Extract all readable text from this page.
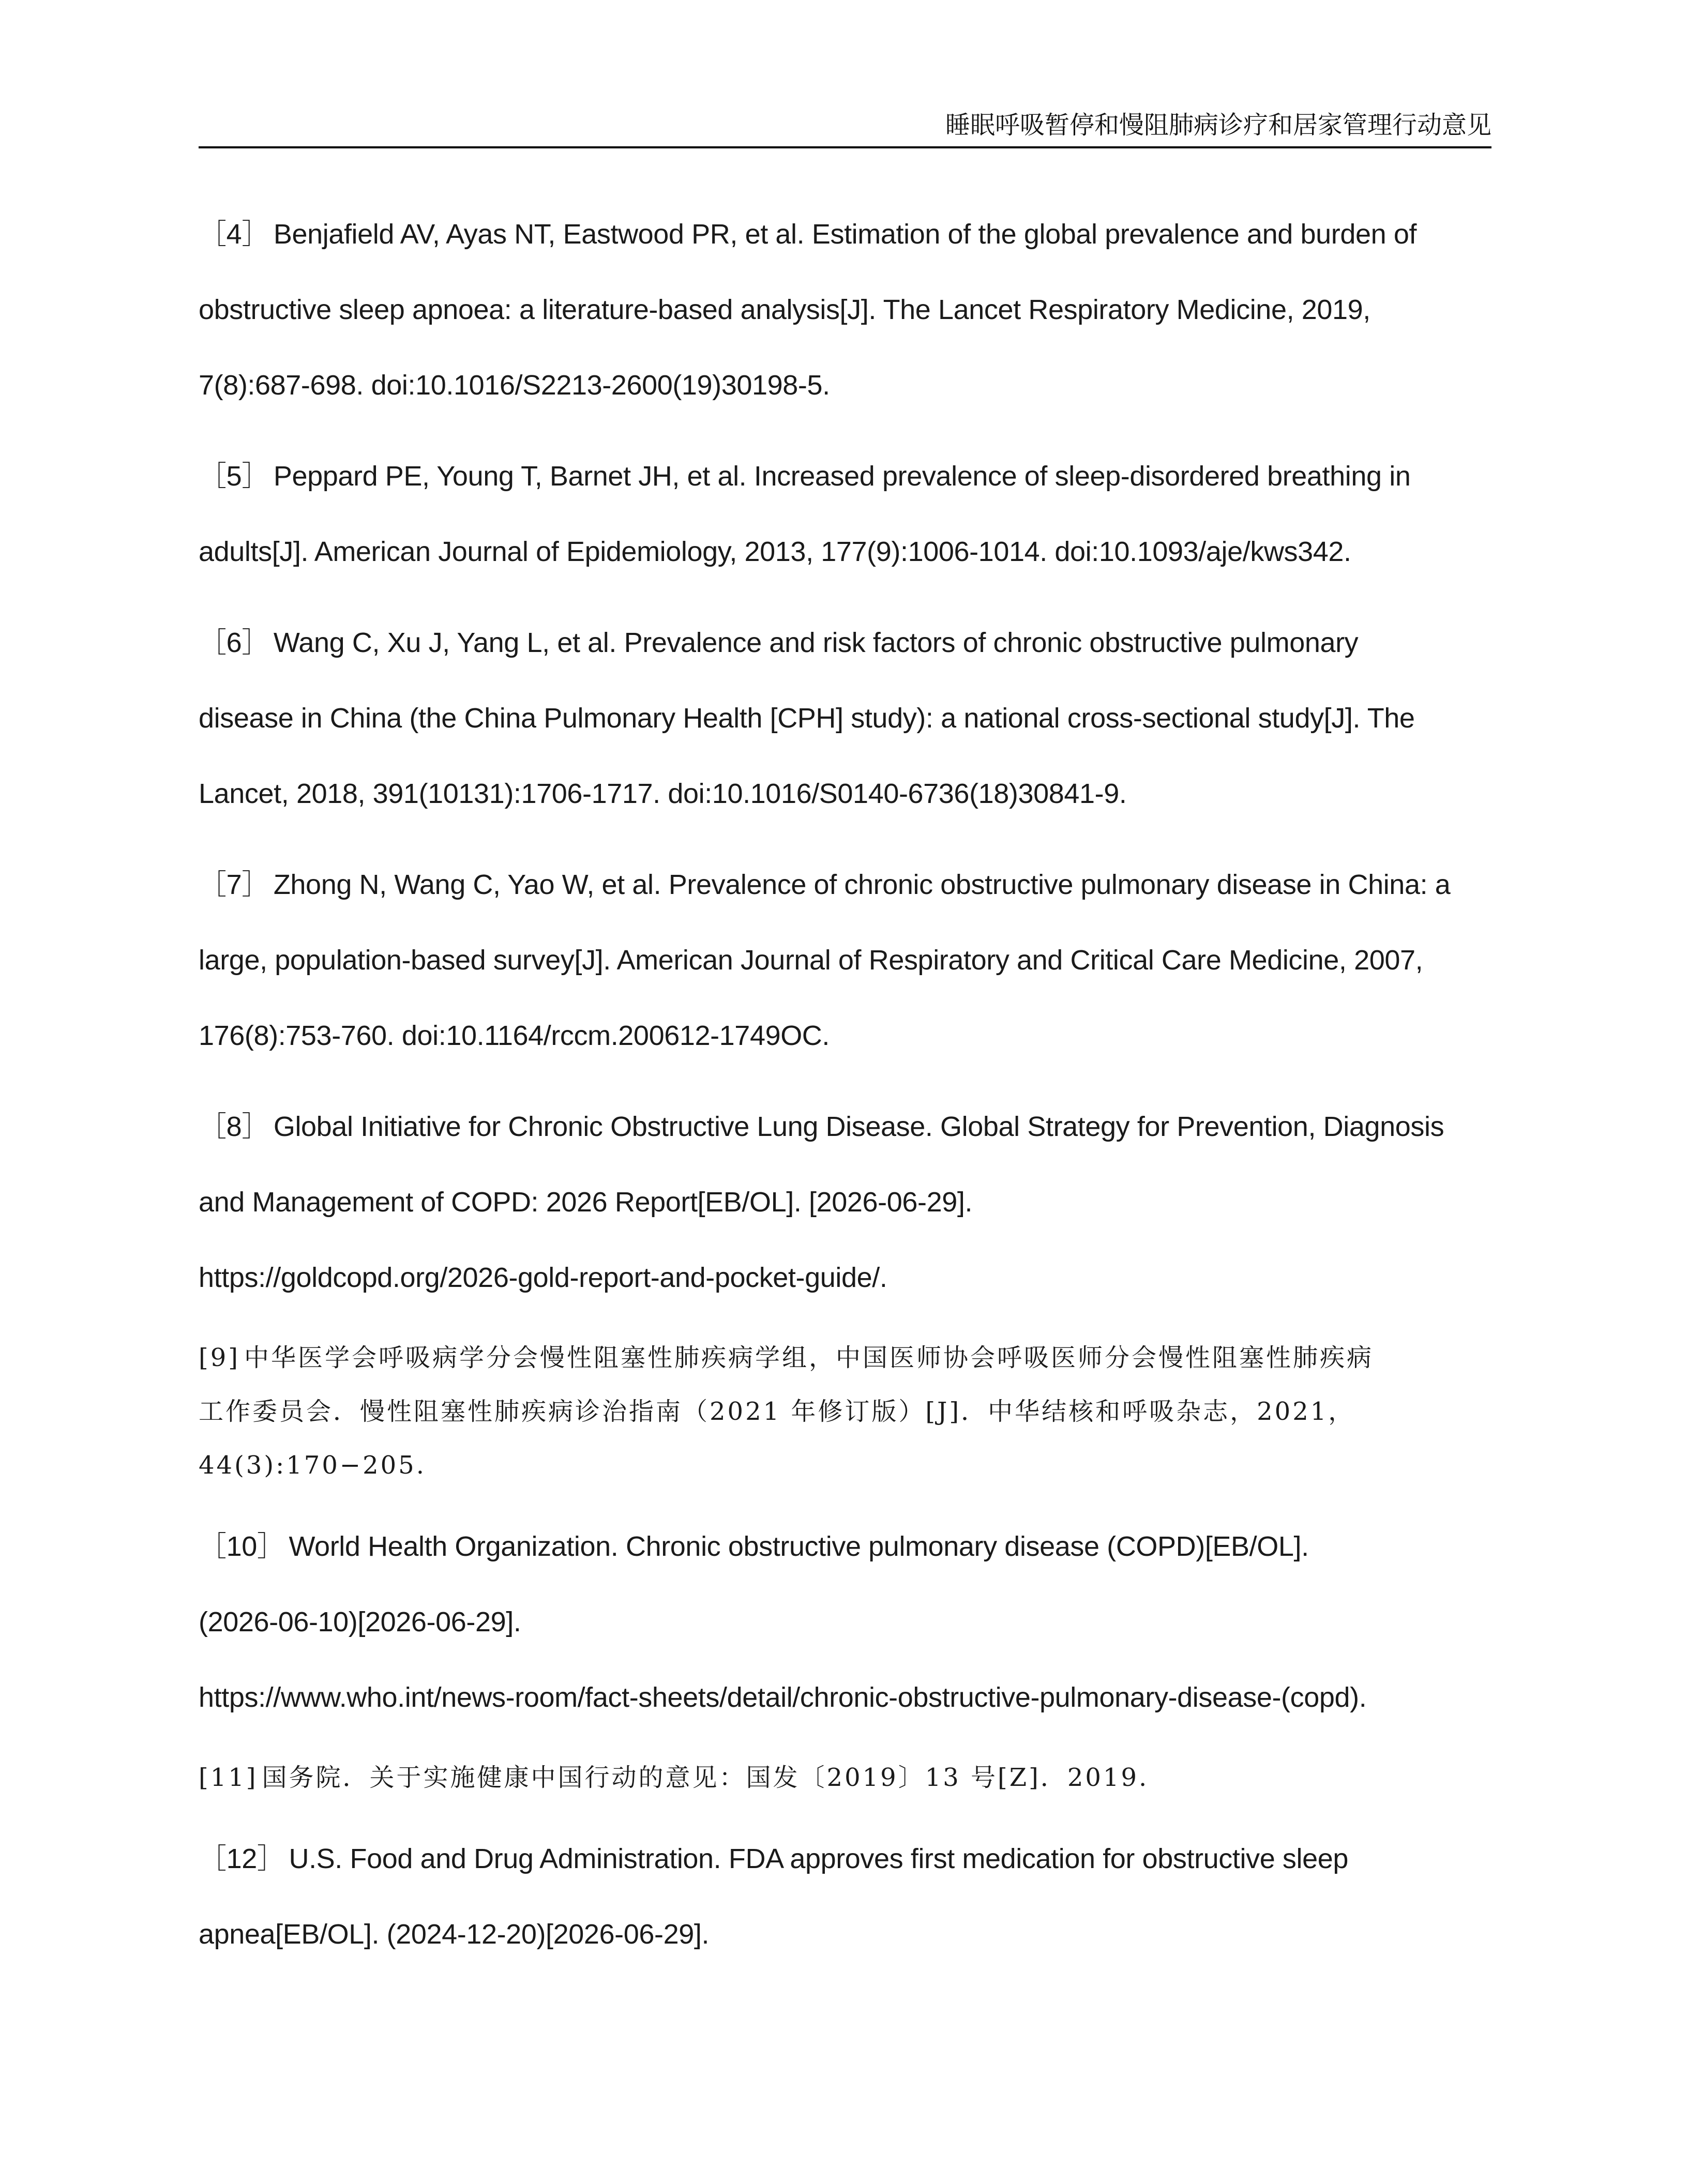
睡眠呼吸暂停和慢阻肺病诊疗和居家管理行动意见
［4］ Benjafield AV, Ayas NT, Eastwood PR, et al. Estimation of the global prevalence and burden of
obstructive sleep apnoea: a literature-based analysis[J]. The Lancet Respiratory Medicine, 2019,
7(8):687-698. doi:10.1016/S2213-2600(19)30198-5.
［5］ Peppard PE, Young T, Barnet JH, et al. Increased prevalence of sleep-disordered breathing in
adults[J]. American Journal of Epidemiology, 2013, 177(9):1006-1014. doi:10.1093/aje/kws342.
［6］ Wang C, Xu J, Yang L, et al. Prevalence and risk factors of chronic obstructive pulmonary
disease in China (the China Pulmonary Health [CPH] study): a national cross-sectional study[J]. The
Lancet, 2018, 391(10131):1706-1717. doi:10.1016/S0140-6736(18)30841-9.
［7］ Zhong N, Wang C, Yao W, et al. Prevalence of chronic obstructive pulmonary disease in China: a
large, population-based survey[J]. American Journal of Respiratory and Critical Care Medicine, 2007,
176(8):753-760. doi:10.1164/rccm.200612-1749OC.
［8］ Global Initiative for Chronic Obstructive Lung Disease. Global Strategy for Prevention, Diagnosis
and Management of COPD: 2026 Report[EB/OL]. [2026-06-29].
https://goldcopd.org/2026-gold-report-and-pocket-guide/.
[9] 中华医学会呼吸病学分会慢性阻塞性肺疾病学组，中国医师协会呼吸医师分会慢性阻塞性肺疾病
工作委员会．慢性阻塞性肺疾病诊治指南（2021 年修订版）[J]．中华结核和呼吸杂志，2021，
44(3):170−205.
［10］ World Health Organization. Chronic obstructive pulmonary disease (COPD)[EB/OL].
(2026-06-10)[2026-06-29].
https://www.who.int/news-room/fact-sheets/detail/chronic-obstructive-pulmonary-disease-(copd).
[11] 国务院．关于实施健康中国行动的意见：国发〔2019〕13 号[Z]．2019.
［12］ U.S. Food and Drug Administration. FDA approves first medication for obstructive sleep
apnea[EB/OL]. (2024-12-20)[2026-06-29].
